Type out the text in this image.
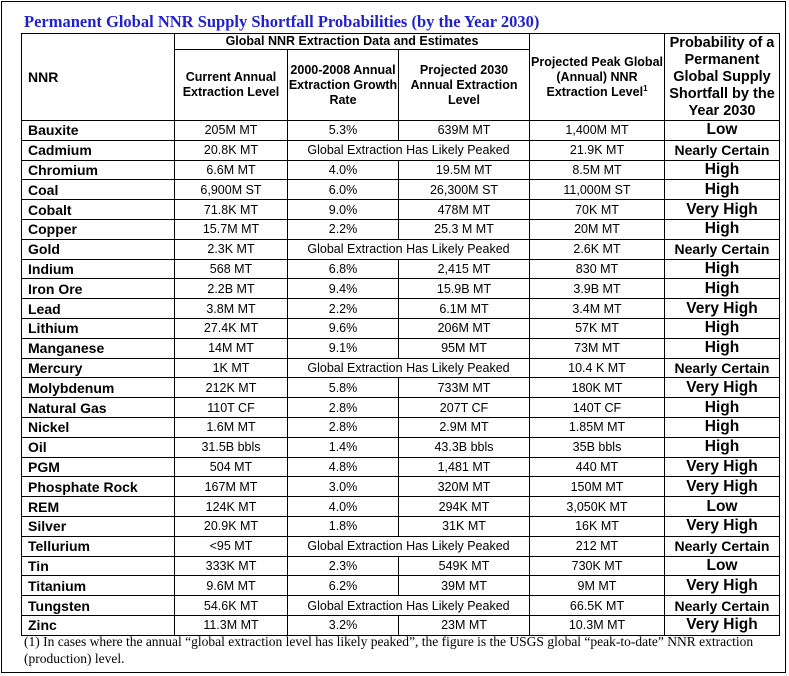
Permanent Global NNR Supply Shortfall Probabilities (by the Year 2030)
NNR	Global NNR Extraction Data and Estimates			Projected Peak Global (Annual) NNR Extraction Level$^1$	Probability of a Permanent Global Supply Shortfall by the Year 2030
	Current Annual Extraction Level	2000-2008 Annual Extraction Growth Rate	Projected 2030 Annual Extraction Level		
Bauxite	205M MT	5.3%	639M MT	1,400M MT	Low
Cadmium	20.8K MT	Global Extraction Has Likely Peaked		21.9K MT	Nearly Certain
Chromium	6.6M MT	4.0%	19.5M MT	8.5M MT	High
Coal	6,900M ST	6.0%	26,300M ST	11,000M ST	High
Cobalt	71.8K MT	9.0%	478M MT	70K MT	Very High
Copper	15.7M MT	2.2%	25.3 M MT	20M MT	High
Gold	2.3K MT	Global Extraction Has Likely Peaked		2.6K MT	Nearly Certain
Indium	568 MT	6.8%	2,415 MT	830 MT	High
Iron Ore	2.2B MT	9.4%	15.9B MT	3.9B MT	High
Lead	3.8M MT	2.2%	6.1M MT	3.4M MT	Very High
Lithium	27.4K MT	9.6%	206M MT	57K MT	High
Manganese	14M MT	9.1%	95M MT	73M MT	High
Mercury	1K MT	Global Extraction Has Likely Peaked		10.4 K MT	Nearly Certain
Molybdenum	212K MT	5.8%	733M MT	180K MT	Very High
Natural Gas	110T CF	2.8%	207T CF	140T CF	High
Nickel	1.6M MT	2.8%	2.9M MT	1.85M MT	High
Oil	31.5B bbls	1.4%	43.3B bbls	35B bbls	High
PGM	504 MT	4.8%	1,481 MT	440 MT	Very High
Phosphate Rock	167M MT	3.0%	320M MT	150M MT	Very High
REM	124K MT	4.0%	294K MT	3,050K MT	Low
Silver	20.9K MT	1.8%	31K MT	16K MT	Very High
Tellurium	<95 MT	Global Extraction Has Likely Peaked		212 MT	Nearly Certain
Tin	333K MT	2.3%	549K MT	730K MT	Low
Titanium	9.6M MT	6.2%	39M MT	9M MT	Very High
Tungsten	54.6K MT	Global Extraction Has Likely Peaked		66.5K MT	Nearly Certain
Zinc	11.3M MT	3.2%	23M MT	10.3M MT	Very High
(1) In cases where the annual “global extraction level has likely peaked”, the figure is the USGS global “peak-to-date” NNR extraction (production) level.
